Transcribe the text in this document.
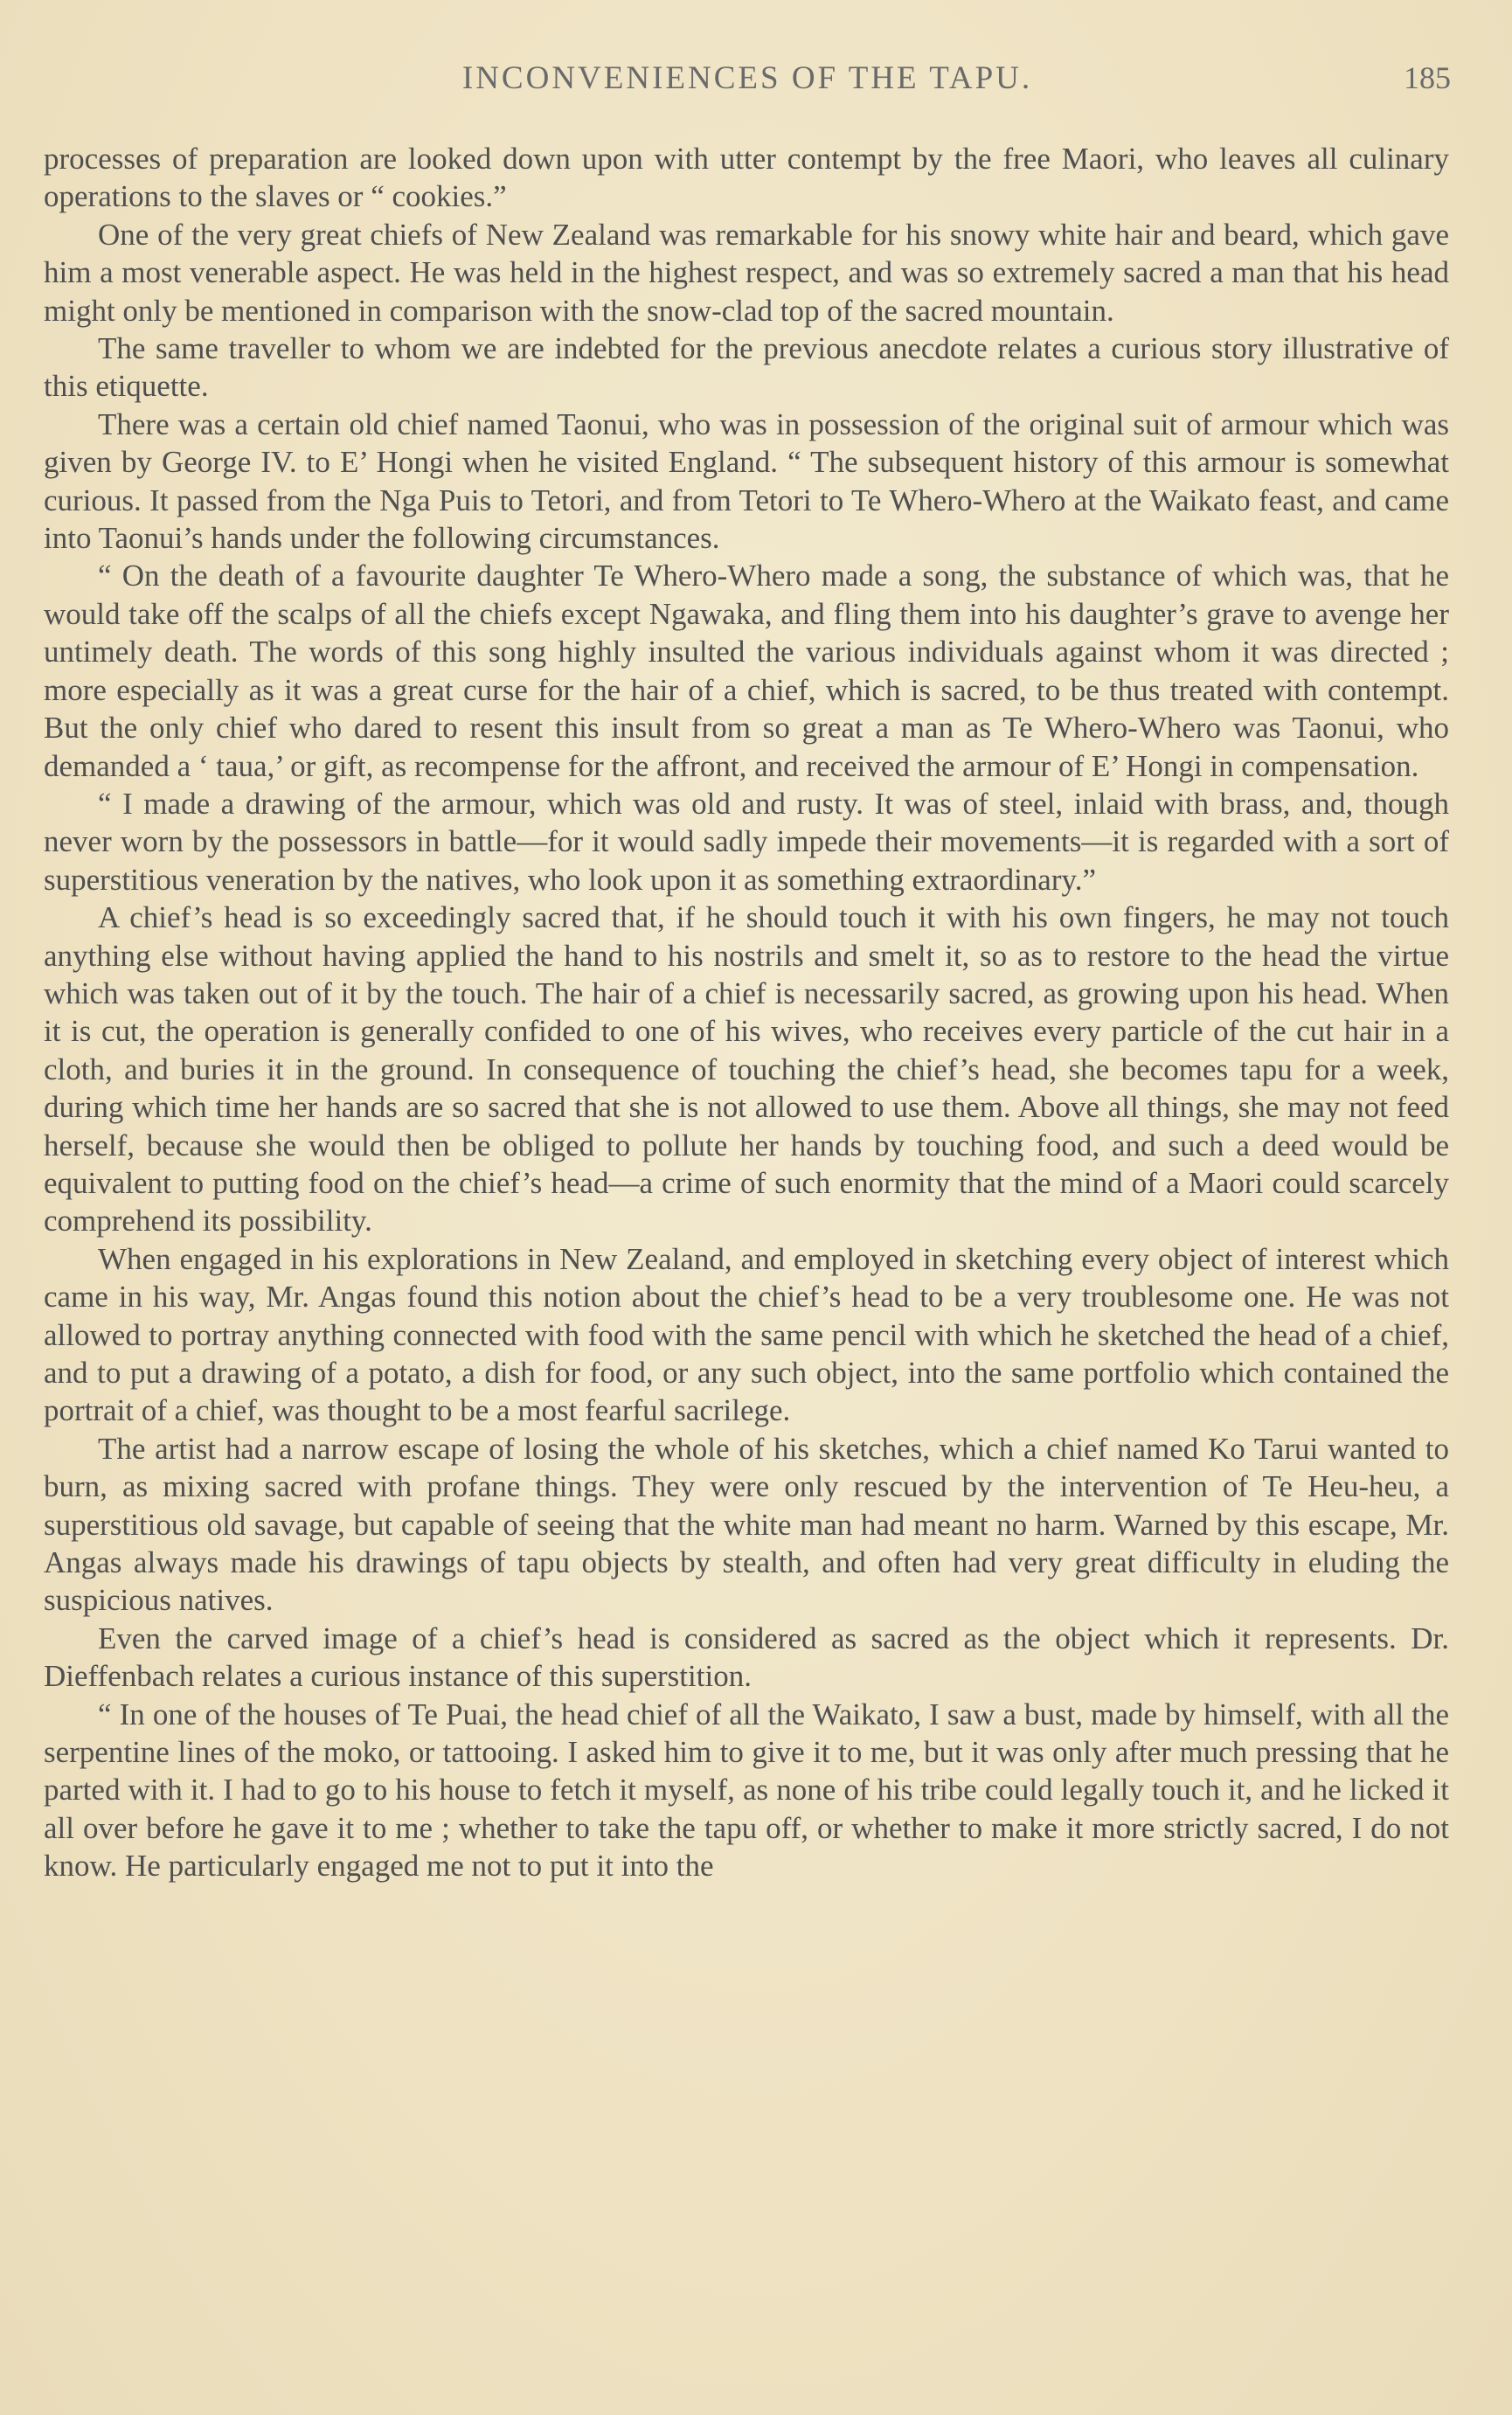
INCONVENIENCES OF THE TAPU.	185

processes of preparation are looked down upon with utter contempt by the free Maori, who leaves all culinary operations to the slaves or “ cookies.”

One of the very great chiefs of New Zealand was remarkable for his snowy white hair and beard, which gave him a most venerable aspect. He was held in the highest respect, and was so extremely sacred a man that his head might only be mentioned in comparison with the snow-clad top of the sacred mountain.

The same traveller to whom we are indebted for the previous anecdote relates a curious story illustrative of this etiquette.

There was a certain old chief named Taonui, who was in possession of the original suit of armour which was given by George IV. to E’ Hongi when he visited England. “ The subsequent history of this armour is somewhat curious. It passed from the Nga Puis to Tetori, and from Tetori to Te Whero-Whero at the Waikato feast, and came into Taonui’s hands under the following circumstances.

“ On the death of a favourite daughter Te Whero-Whero made a song, the substance of which was, that he would take off the scalps of all the chiefs except Ngawaka, and fling them into his daughter’s grave to avenge her untimely death. The words of this song highly insulted the various individuals against whom it was directed ; more especially as it was a great curse for the hair of a chief, which is sacred, to be thus treated with contempt. But the only chief who dared to resent this insult from so great a man as Te Whero-Whero was Taonui, who demanded a ‘ taua,’ or gift, as recompense for the affront, and received the armour of E’ Hongi in compensation.

“ I made a drawing of the armour, which was old and rusty. It was of steel, inlaid with brass, and, though never worn by the possessors in battle—for it would sadly impede their movements—it is regarded with a sort of superstitious veneration by the natives, who look upon it as something extraordinary.”

A chief’s head is so exceedingly sacred that, if he should touch it with his own fingers, he may not touch anything else without having applied the hand to his nostrils and smelt it, so as to restore to the head the virtue which was taken out of it by the touch. The hair of a chief is necessarily sacred, as growing upon his head. When it is cut, the operation is generally confided to one of his wives, who receives every particle of the cut hair in a cloth, and buries it in the ground. In consequence of touching the chief’s head, she becomes tapu for a week, during which time her hands are so sacred that she is not allowed to use them. Above all things, she may not feed herself, because she would then be obliged to pollute her hands by touching food, and such a deed would be equivalent to putting food on the chief’s head—a crime of such enormity that the mind of a Maori could scarcely comprehend its possibility.

When engaged in his explorations in New Zealand, and employed in sketching every object of interest which came in his way, Mr. Angas found this notion about the chief’s head to be a very troublesome one. He was not allowed to portray anything connected with food with the same pencil with which he sketched the head of a chief, and to put a drawing of a potato, a dish for food, or any such object, into the same portfolio which contained the portrait of a chief, was thought to be a most fearful sacrilege.

The artist had a narrow escape of losing the whole of his sketches, which a chief named Ko Tarui wanted to burn, as mixing sacred with profane things. They were only rescued by the intervention of Te Heu-heu, a superstitious old savage, but capable of seeing that the white man had meant no harm. Warned by this escape, Mr. Angas always made his drawings of tapu objects by stealth, and often had very great difficulty in eluding the suspicious natives.

Even the carved image of a chief’s head is considered as sacred as the object which it represents. Dr. Dieffenbach relates a curious instance of this superstition.

“ In one of the houses of Te Puai, the head chief of all the Waikato, I saw a bust, made by himself, with all the serpentine lines of the moko, or tattooing. I asked him to give it to me, but it was only after much pressing that he parted with it. I had to go to his house to fetch it myself, as none of his tribe could legally touch it, and he licked it all over before he gave it to me ; whether to take the tapu off, or whether to make it more strictly sacred, I do not know. He particularly engaged me not to put it into the
